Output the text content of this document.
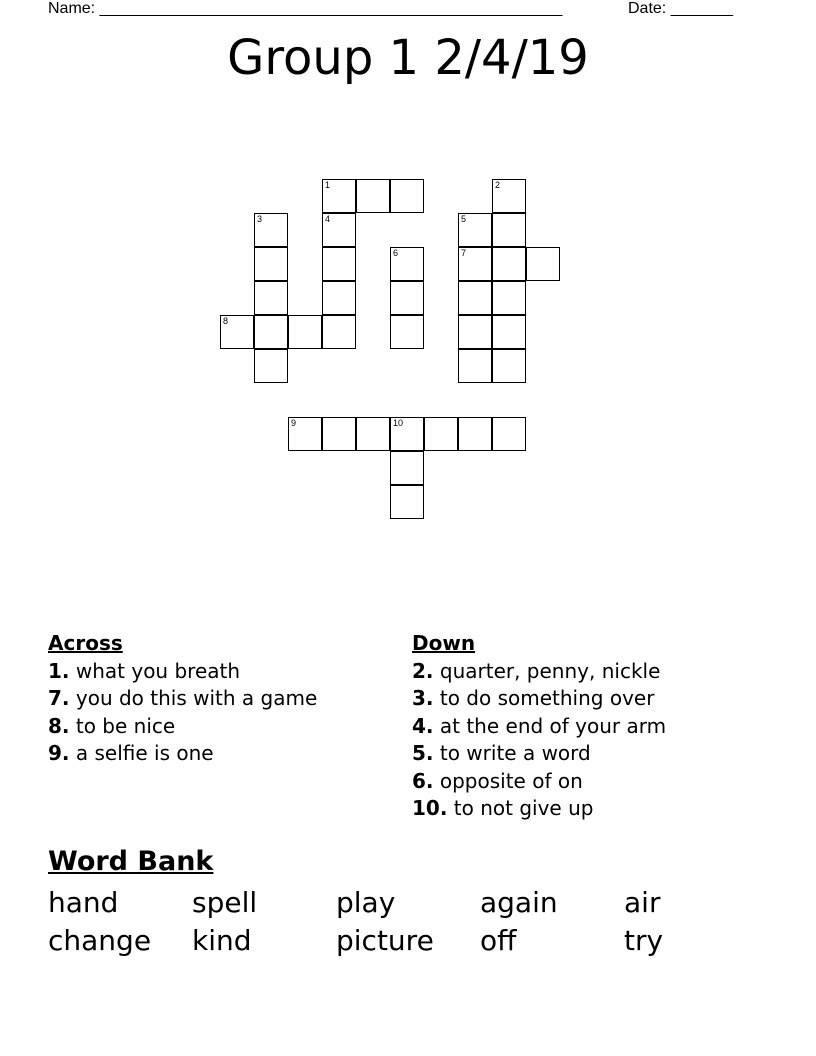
Name: ____________________________________________________	Date: _______
Group 1 2/4/19
1	2
3	4	5
6	7
8
9	10
Across
1. what you breath
7. you do this with a game
8. to be nice
9. a selfie is one
Down
2. quarter, penny, nickle
3. to do something over
4. at the end of your arm
5. to write a word
6. opposite of on
10. to not give up
Word Bank
hand	spell	play	again	air
change	kind	picture	off	try
